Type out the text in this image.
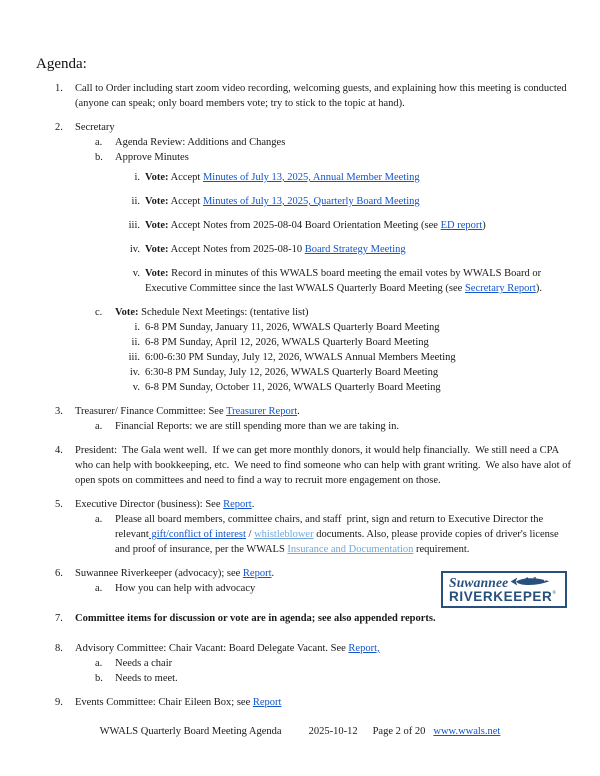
Agenda:
1.	Call to Order including start zoom video recording, welcoming guests, and explaining how this meeting is conducted (anyone can speak; only board members vote; try to stick to the topic at hand).
2.	Secretary
a.	Agenda Review: Additions and Changes
b.	Approve Minutes
i. Vote: Accept Minutes of July 13, 2025, Annual Member Meeting
ii. Vote: Accept Minutes of July 13, 2025, Quarterly Board Meeting
iii. Vote: Accept Notes from 2025-08-04 Board Orientation Meeting (see ED report)
iv. Vote: Accept Notes from 2025-08-10 Board Strategy Meeting
v. Vote: Record in minutes of this WWALS board meeting the email votes by WWALS Board or Executive Committee since the last WWALS Quarterly Board Meeting (see Secretary Report).
c.	Vote: Schedule Next Meetings: (tentative list)
i. 6-8 PM Sunday, January 11, 2026, WWALS Quarterly Board Meeting
ii. 6-8 PM Sunday, April 12, 2026, WWALS Quarterly Board Meeting
iii. 6:00-6:30 PM Sunday, July 12, 2026, WWALS Annual Members Meeting
iv. 6:30-8 PM Sunday, July 12, 2026, WWALS Quarterly Board Meeting
v. 6-8 PM Sunday, October 11, 2026, WWALS Quarterly Board Meeting
3.	Treasurer/ Finance Committee: See Treasurer Report.
a.	Financial Reports: we are still spending more than we are taking in.
4.	President:  The Gala went well.  If we can get more monthly donors, it would help financially.  We still need a CPA who can help with bookkeeping, etc.  We need to find someone who can help with grant writing.  We also have alot of open spots on committees and need to find a way to recruit more engagement on those.
5.	Executive Director (business): See Report.
a.	Please all board members, committee chairs, and staff  print, sign and return to Executive Director the relevant gift/conflict of interest / whistleblower documents. Also, please provide copies of driver's license and proof of insurance, per the WWALS Insurance and Documentation requirement.
6.	Suwannee Riverkeeper (advocacy); see Report.
a.	How you can help with advocacy
7.	Committee items for discussion or vote are in agenda; see also appended reports.
8.	Advisory Committee: Chair Vacant: Board Delegate Vacant. See Report,
a.	Needs a chair
b.	Needs to meet.
9.	Events Committee: Chair Eileen Box; see Report
Suwannee
RIVERKEEPER ®
WWALS Quarterly Board Meeting Agenda	2025-10-12 Page 2 of 20 www.wwals.net
